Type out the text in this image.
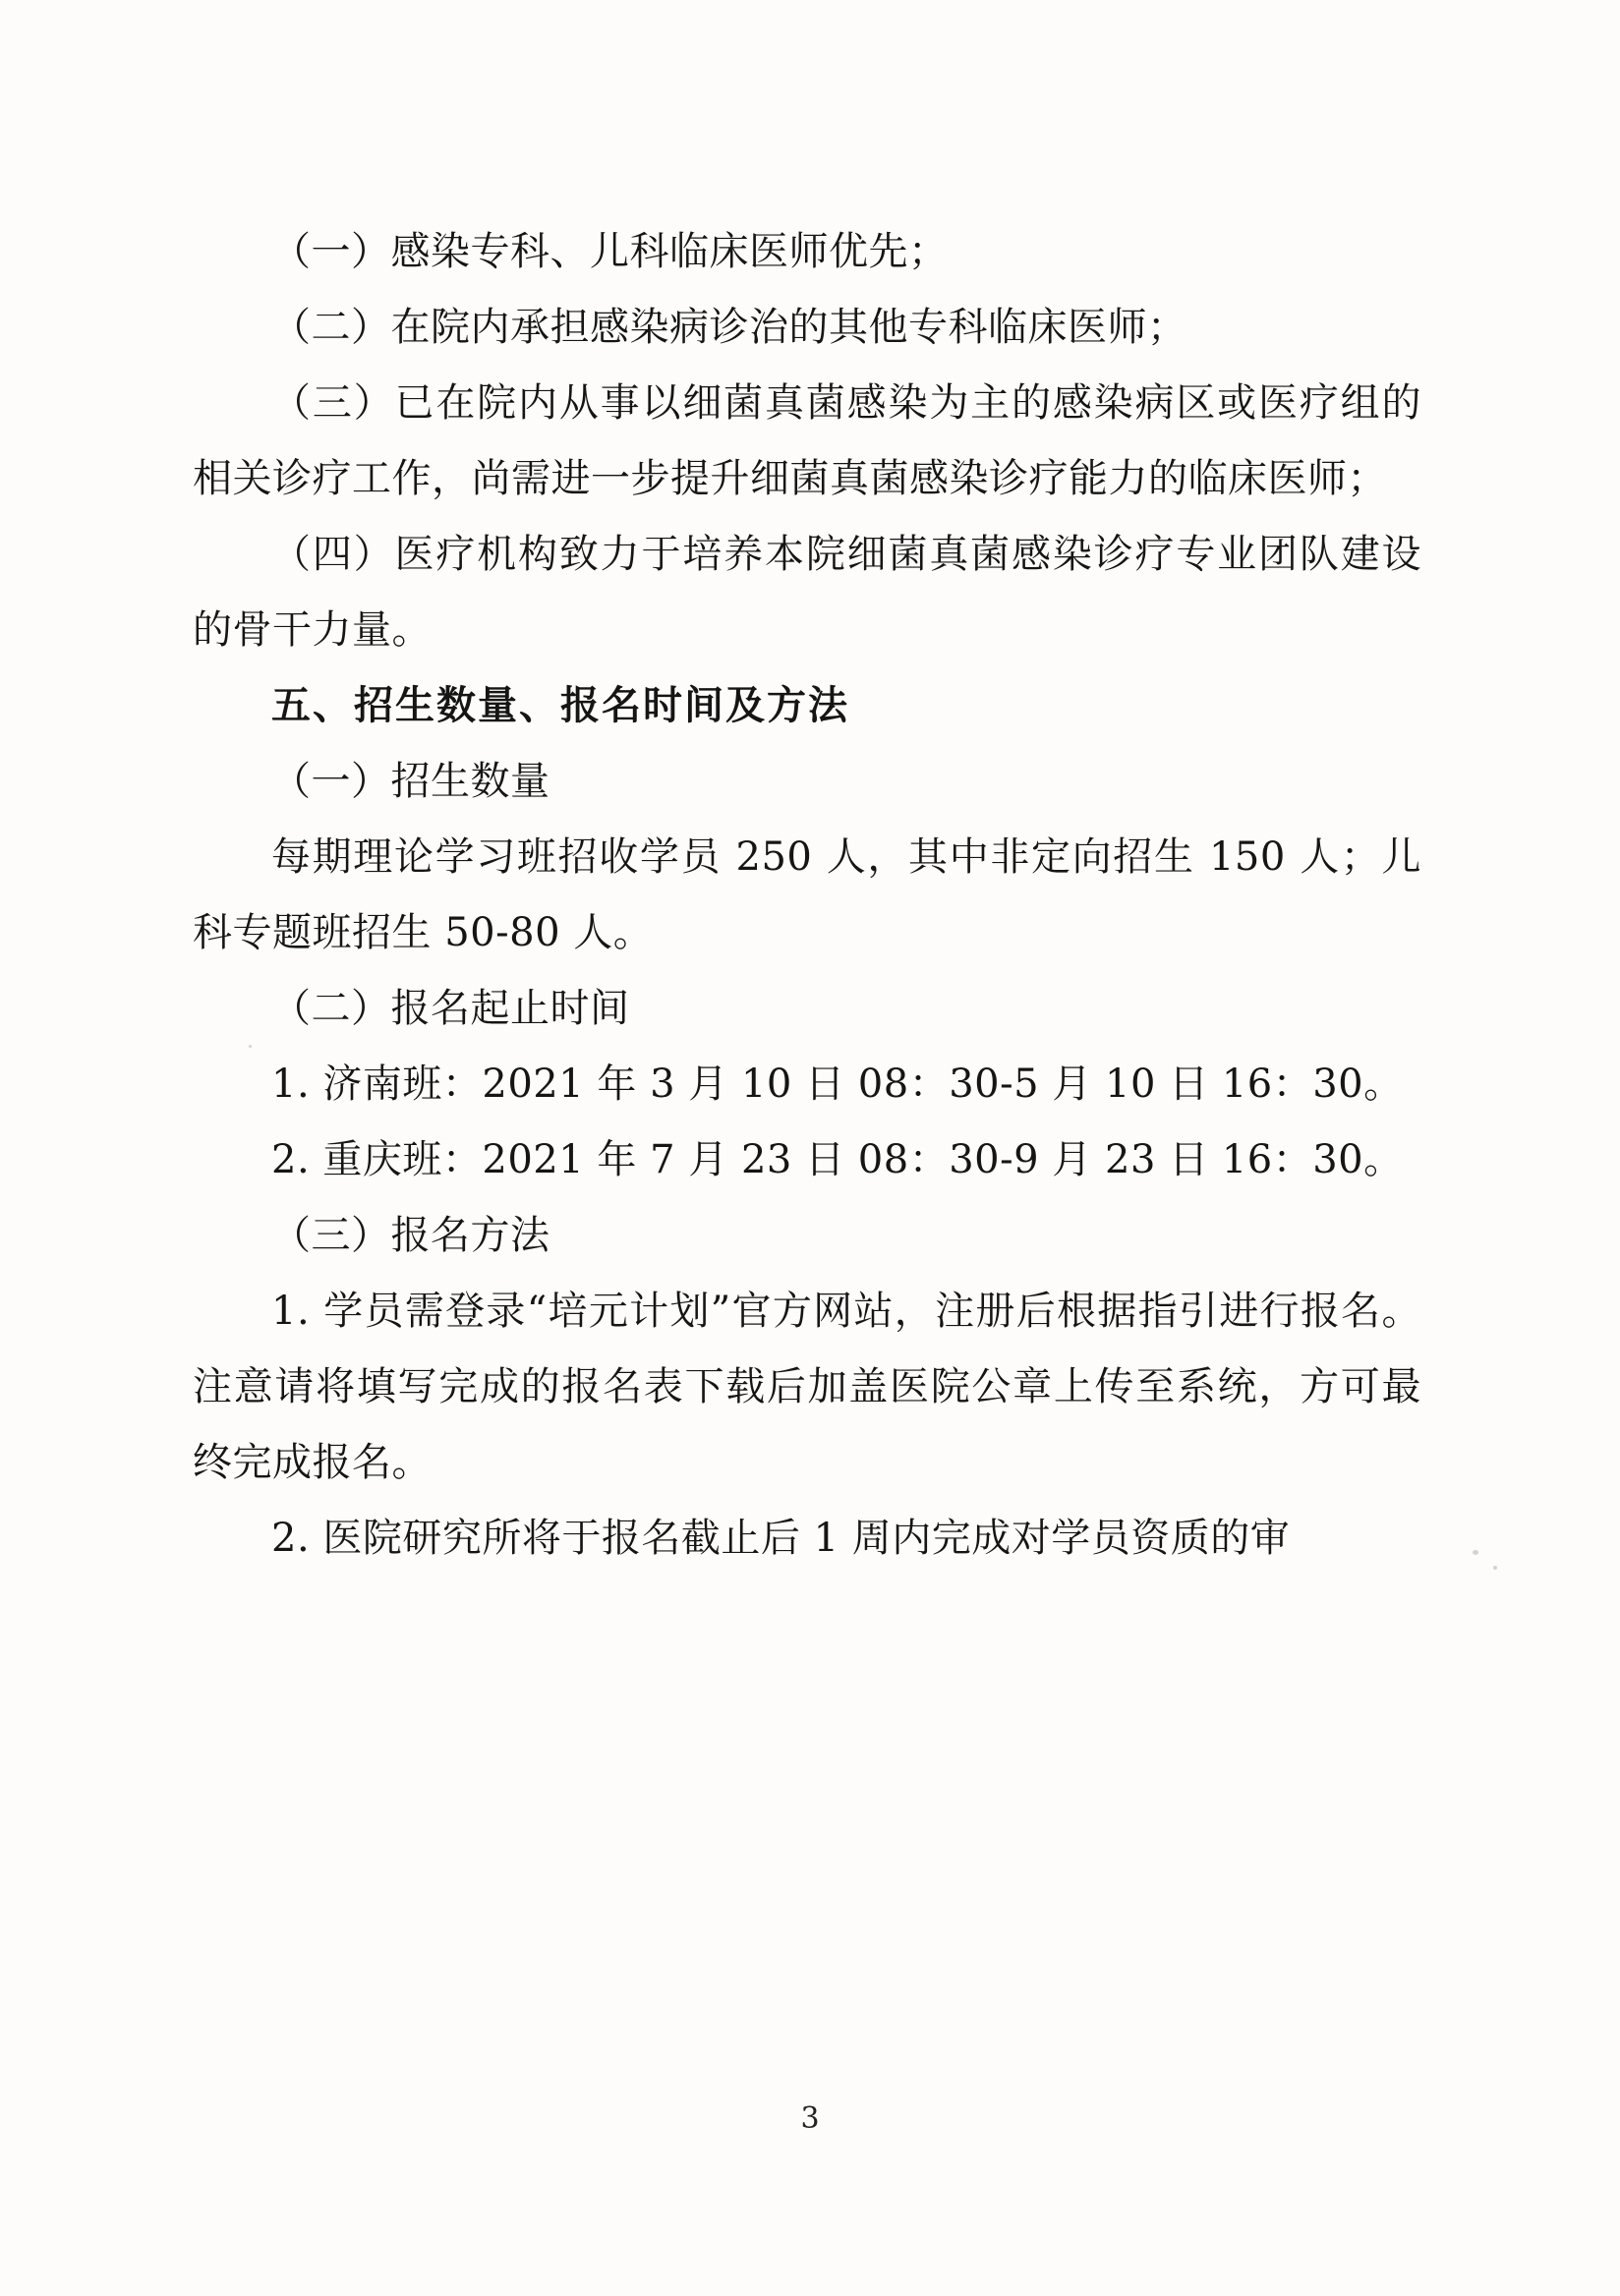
（一）感染专科、儿科临床医师优先；

（二）在院内承担感染病诊治的其他专科临床医师；

（三）已在院内从事以细菌真菌感染为主的感染病区或医疗组的相关诊疗工作，尚需进一步提升细菌真菌感染诊疗能力的临床医师；

（四）医疗机构致力于培养本院细菌真菌感染诊疗专业团队建设的骨干力量。

五、招生数量、报名时间及方法

（一）招生数量

每期理论学习班招收学员 250 人，其中非定向招生 150 人；儿科专题班招生 50-80 人。

（二）报名起止时间

1. 济南班：2021 年 3 月 10 日 08：30-5 月 10 日 16：30。

2. 重庆班：2021 年 7 月 23 日 08：30-9 月 23 日 16：30。

（三）报名方法

1. 学员需登录“培元计划”官方网站，注册后根据指引进行报名。注意请将填写完成的报名表下载后加盖医院公章上传至系统，方可最终完成报名。

2. 医院研究所将于报名截止后 1 周内完成对学员资质的审

3
